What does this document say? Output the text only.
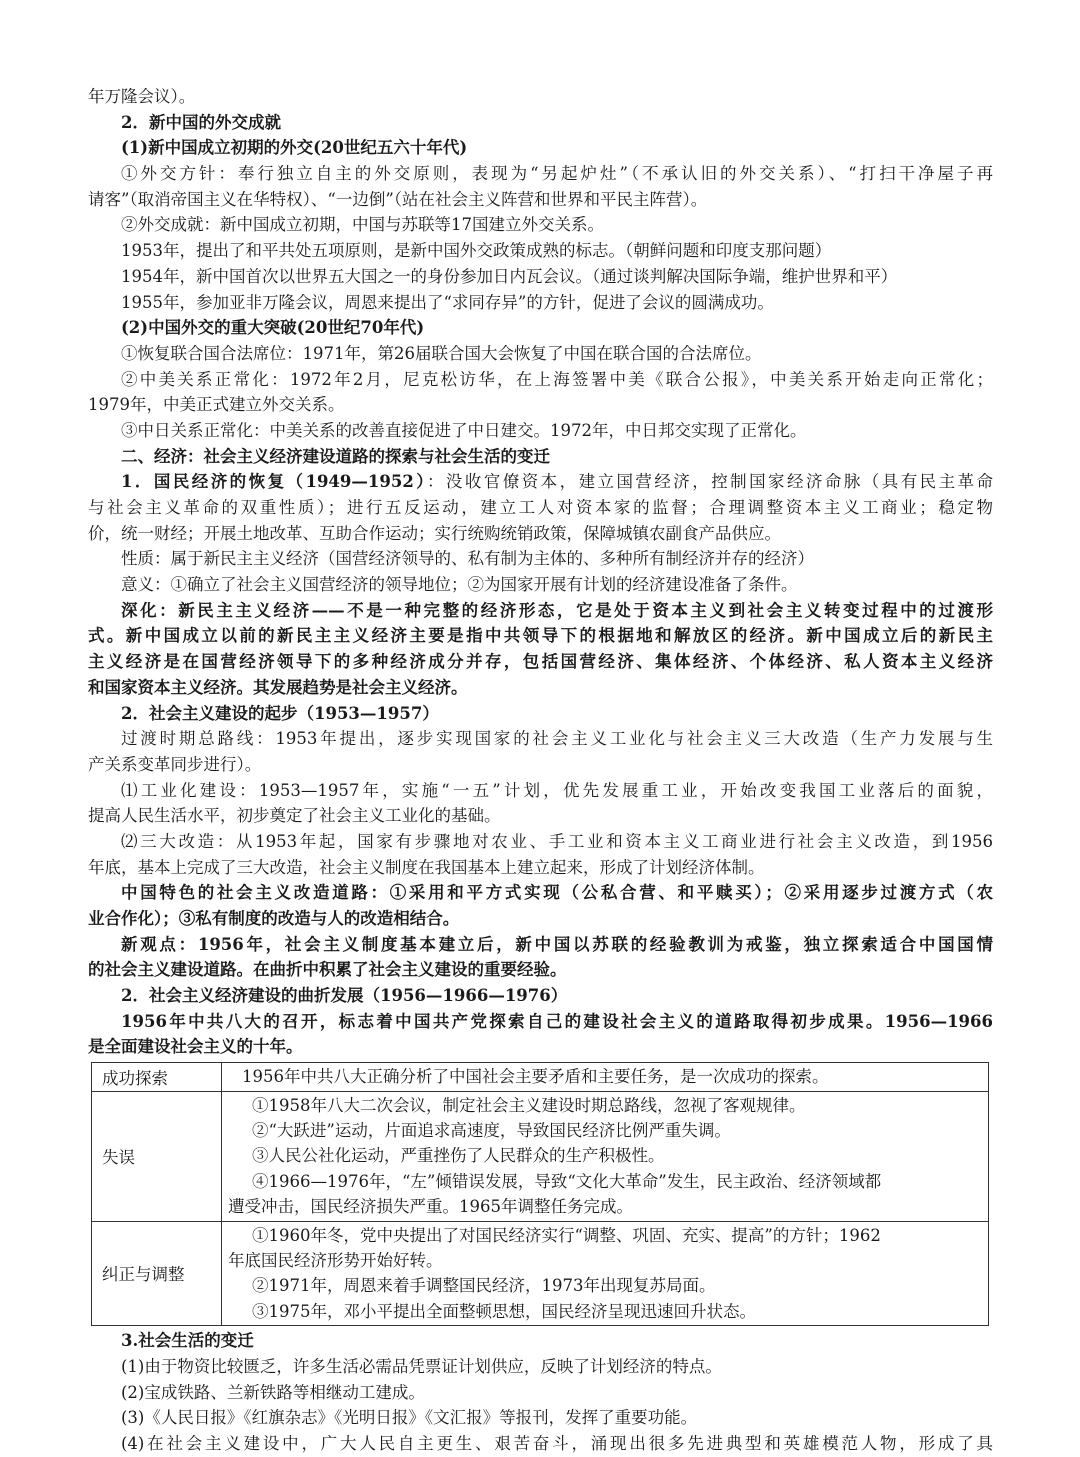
年万隆会议）。
2．新中国的外交成就
(1)新中国成立初期的外交(20世纪五六十年代)
①外交方针：奉行独立自主的外交原则，表现为“另起炉灶”（不承认旧的外交关系）、“打扫干净屋子再
请客”（取消帝国主义在华特权）、“一边倒”（站在社会主义阵营和世界和平民主阵营）。
②外交成就：新中国成立初期，中国与苏联等17国建立外交关系。
1953年，提出了和平共处五项原则，是新中国外交政策成熟的标志。（朝鲜问题和印度支那问题）
1954年，新中国首次以世界五大国之一的身份参加日内瓦会议。（通过谈判解决国际争端，维护世界和平）
1955年，参加亚非万隆会议，周恩来提出了“求同存异”的方针，促进了会议的圆满成功。
(2)中国外交的重大突破(20世纪70年代)
①恢复联合国合法席位：1971年，第26届联合国大会恢复了中国在联合国的合法席位。
②中美关系正常化：1972年2月，尼克松访华，在上海签署中美《联合公报》，中美关系开始走向正常化；
1979年，中美正式建立外交关系。
③中日关系正常化：中美关系的改善直接促进了中日建交。1972年，中日邦交实现了正常化。
二、经济：社会主义经济建设道路的探索与社会生活的变迁
1．国民经济的恢复（1949—1952）：没收官僚资本，建立国营经济，控制国家经济命脉（具有民主革命
与社会主义革命的双重性质）；进行五反运动，建立工人对资本家的监督；合理调整资本主义工商业；稳定物
价，统一财经；开展土地改革、互助合作运动；实行统购统销政策，保障城镇农副食产品供应。
性质：属于新民主主义经济（国营经济领导的、私有制为主体的、多种所有制经济并存的经济）
意义：①确立了社会主义国营经济的领导地位；②为国家开展有计划的经济建设准备了条件。
深化：新民主主义经济——不是一种完整的经济形态，它是处于资本主义到社会主义转变过程中的过渡形
式。新中国成立以前的新民主主义经济主要是指中共领导下的根据地和解放区的经济。新中国成立后的新民主
主义经济是在国营经济领导下的多种经济成分并存，包括国营经济、集体经济、个体经济、私人资本主义经济
和国家资本主义经济。其发展趋势是社会主义经济。
2．社会主义建设的起步（1953—1957）
过渡时期总路线：1953年提出，逐步实现国家的社会主义工业化与社会主义三大改造（生产力发展与生
产关系变革同步进行）。
⑴工业化建设：1953—1957年，实施“一五”计划，优先发展重工业，开始改变我国工业落后的面貌，
提高人民生活水平，初步奠定了社会主义工业化的基础。
⑵三大改造：从1953年起，国家有步骤地对农业、手工业和资本主义工商业进行社会主义改造，到1956
年底，基本上完成了三大改造，社会主义制度在我国基本上建立起来，形成了计划经济体制。
中国特色的社会主义改造道路：①采用和平方式实现（公私合营、和平赎买）；②采用逐步过渡方式（农
业合作化）；③私有制度的改造与人的改造相结合。
新观点：1956年，社会主义制度基本建立后，新中国以苏联的经验教训为戒鉴，独立探索适合中国国情
的社会主义建设道路。在曲折中积累了社会主义建设的重要经验。
2．社会主义经济建设的曲折发展（1956—1966—1976）
1956年中共八大的召开，标志着中国共产党探索自己的建设社会主义的道路取得初步成果。1956—1966
是全面建设社会主义的十年。
成功探索	1956年中共八大正确分析了中国社会主要矛盾和主要任务，是一次成功的探索。

失误	①1958年八大二次会议，制定社会主义建设时期总路线，忽视了客观规律。
②“大跃进”运动，片面追求高速度，导致国民经济比例严重失调。
③人民公社化运动，严重挫伤了人民群众的生产积极性。
④1966—1976年，“左”倾错误发展，导致“文化大革命”发生，民主政治、经济领域都
遭受冲击，国民经济损失严重。1965年调整任务完成。

纠正与调整	①1960年冬，党中央提出了对国民经济实行“调整、巩固、充实、提高”的方针；1962
年底国民经济形势开始好转。
②1971年，周恩来着手调整国民经济，1973年出现复苏局面。
③1975年，邓小平提出全面整顿思想，国民经济呈现迅速回升状态。
3.社会生活的变迁
(1)由于物资比较匮乏，许多生活必需品凭票证计划供应，反映了计划经济的特点。
(2)宝成铁路、兰新铁路等相继动工建成。
(3)《人民日报》《红旗杂志》《光明日报》《文汇报》等报刊，发挥了重要功能。
(4)在社会主义建设中，广大人民自主更生、艰苦奋斗，涌现出很多先进典型和英雄模范人物，形成了具
